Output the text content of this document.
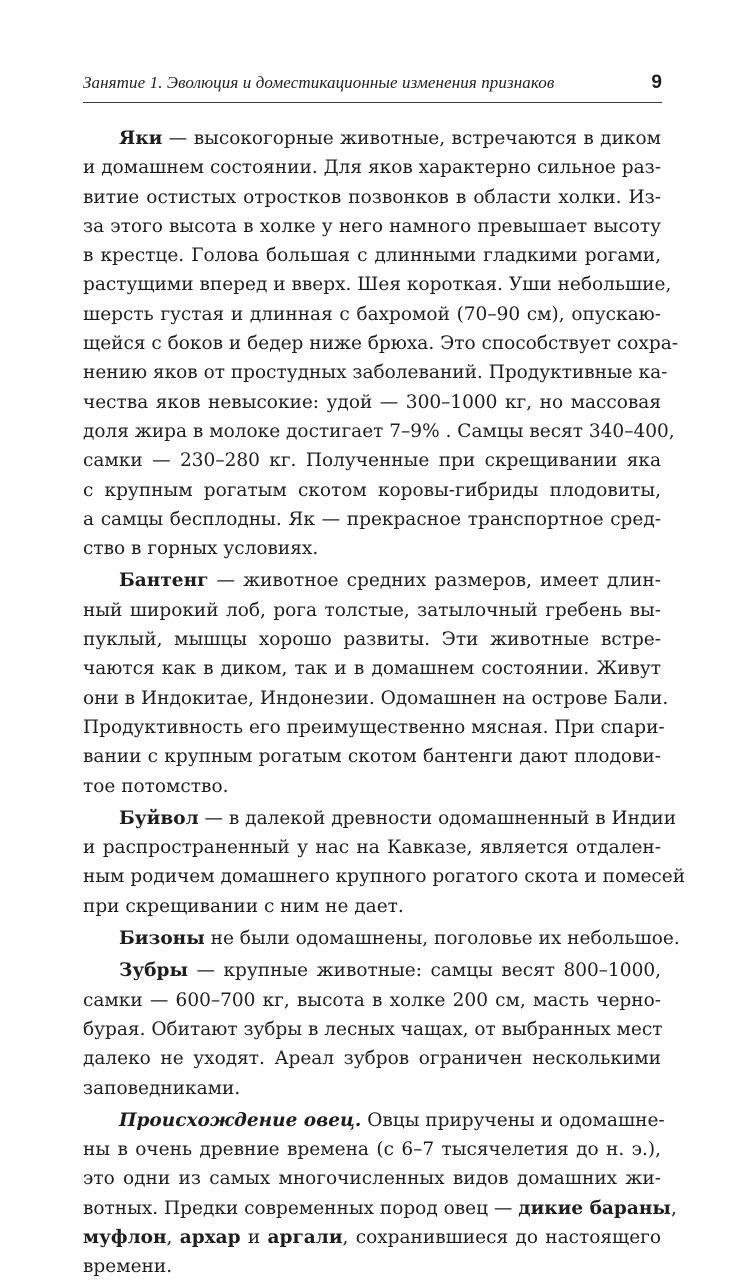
Занятие 1. Эволюция и доместикационные изменения признаков	9
Яки — высокогорные животные, встречаются в диком
и домашнем состоянии. Для яков характерно сильное раз-
витие остистых отростков позвонков в области холки. Из-
за этого высота в холке у него намного превышает высоту
в крестце. Голова большая с длинными гладкими рогами,
растущими вперед и вверх. Шея короткая. Уши небольшие,
шерсть густая и длинная с бахромой (70–90 см), опускаю-
щейся с боков и бедер ниже брюха. Это способствует сохра-
нению яков от простудных заболеваний. Продуктивные ка-
чества яков невысокие: удой — 300–1000 кг, но массовая
доля жира в молоке достигает 7–9% . Самцы весят 340–400,
самки — 230–280 кг. Полученные при скрещивании яка
с крупным рогатым скотом коровы-гибриды плодовиты,
а самцы бесплодны. Як — прекрасное транспортное сред-
ство в горных условиях.
Бантенг — животное средних размеров, имеет длин-
ный широкий лоб, рога толстые, затылочный гребень вы-
пуклый, мышцы хорошо развиты. Эти животные встре-
чаются как в диком, так и в домашнем состоянии. Живут
они в Индокитае, Индонезии. Одомашнен на острове Бали.
Продуктивность его преимущественно мясная. При спари-
вании с крупным рогатым скотом бантенги дают плодови-
тое потомство.
Буйвол — в далекой древности одомашненный в Индии
и распространенный у нас на Кавказе, является отдален-
ным родичем домашнего крупного рогатого скота и помесей
при скрещивании с ним не дает.
Бизоны не были одомашнены, поголовье их небольшое.
Зубры — крупные животные: самцы весят 800–1000,
самки — 600–700 кг, высота в холке 200 см, масть черно-
бурая. Обитают зубры в лесных чащах, от выбранных мест
далеко не уходят. Ареал зубров ограничен несколькими
заповедниками.
Происхождение овец. Овцы приручены и одомашне-
ны в очень древние времена (с 6–7 тысячелетия до н. э.),
это одни из самых многочисленных видов домашних жи-
вотных. Предки современных пород овец — дикие бараны,
муфлон, архар и аргали, сохранившиеся до настоящего
времени.
